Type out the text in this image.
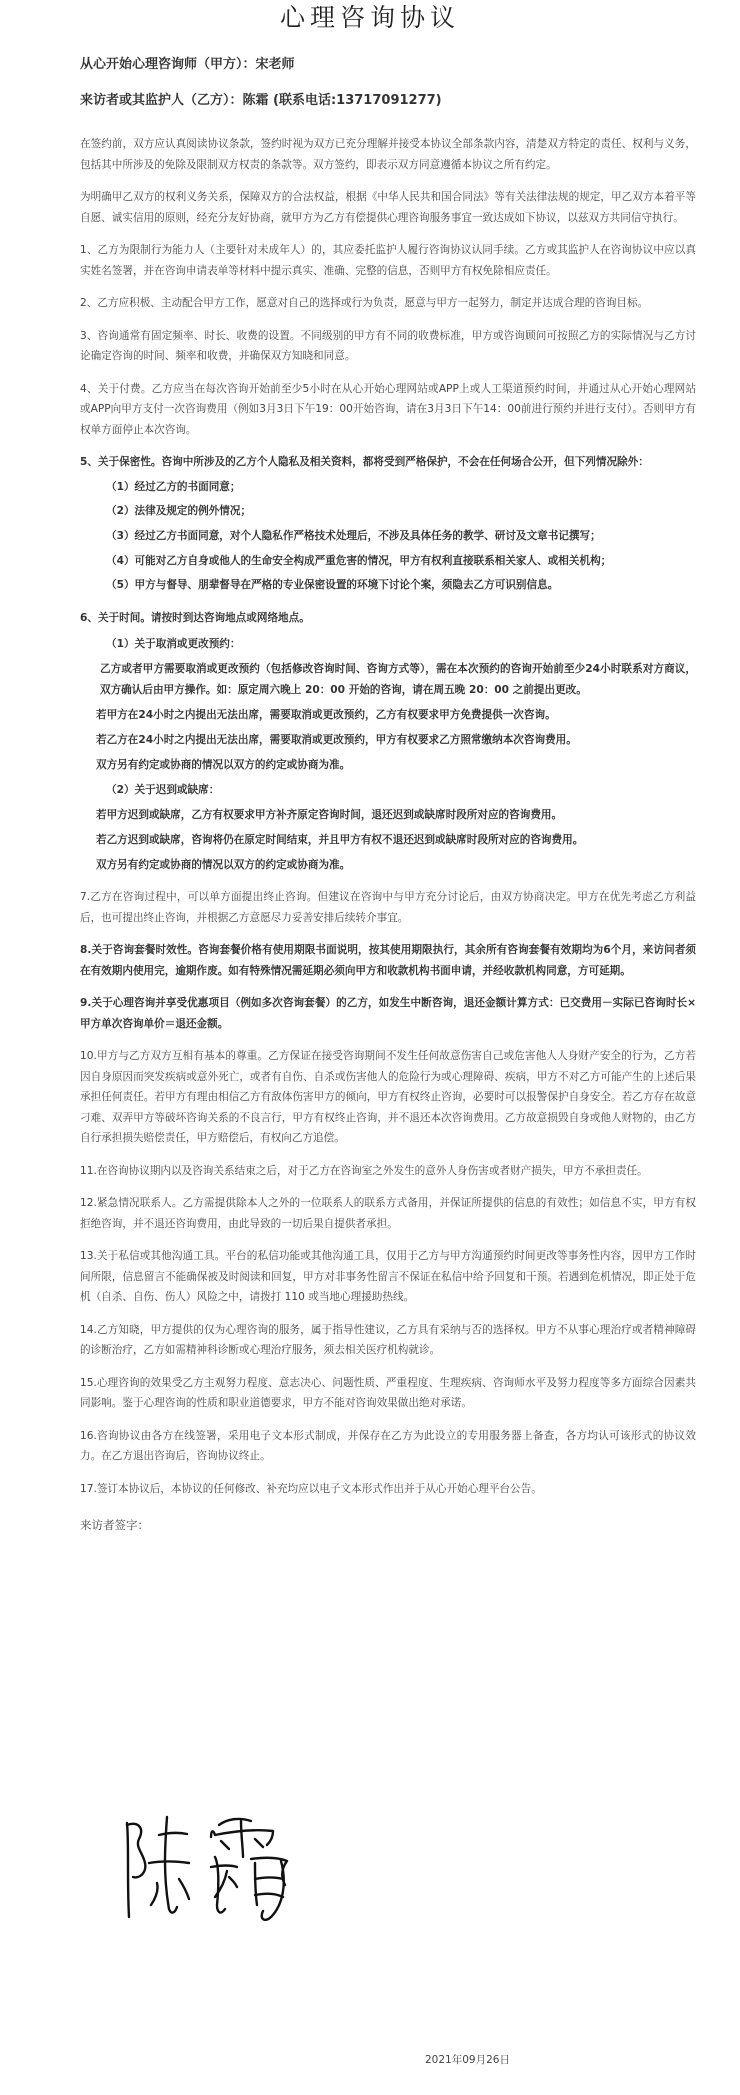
心理咨询协议
从心开始心理咨询师（甲方）：宋老师
来访者或其监护人（乙方）：陈霜 (联系电话:13717091277)
在签约前，双方应认真阅读协议条款，签约时视为双方已充分理解并接受本协议全部条款内容，清楚双方特定的责任、权利与义务，包括其中所涉及的免除及限制双方权责的条款等。双方签约，即表示双方同意遵循本协议之所有约定。
为明确甲乙双方的权利义务关系，保障双方的合法权益，根据《中华人民共和国合同法》等有关法律法规的规定，甲乙双方本着平等自愿、诚实信用的原则，经充分友好协商，就甲方为乙方有偿提供心理咨询服务事宜一致达成如下协议，以兹双方共同信守执行。
1、乙方为限制行为能力人（主要针对未成年人）的，其应委托监护人履行咨询协议认同手续。乙方或其监护人在咨询协议中应以真实姓名签署，并在咨询申请表单等材料中提示真实、准确、完整的信息，否则甲方有权免除相应责任。
2、乙方应积极、主动配合甲方工作，愿意对自己的选择或行为负责，愿意与甲方一起努力，制定并达成合理的咨询目标。
3、咨询通常有固定频率、时长、收费的设置。不同级别的甲方有不同的收费标准，甲方或咨询顾问可按照乙方的实际情况与乙方讨论确定咨询的时间、频率和收费，并确保双方知晓和同意。
4、关于付费。乙方应当在每次咨询开始前至少5小时在从心开始心理网站或APP上或人工渠道预约时间，并通过从心开始心理网站或APP向甲方支付一次咨询费用（例如3月3日下午19：00开始咨询，请在3月3日下午14：00前进行预约并进行支付）。否则甲方有权单方面停止本次咨询。
5、关于保密性。咨询中所涉及的乙方个人隐私及相关资料，都将受到严格保护，不会在任何场合公开，但下列情况除外：
（1）经过乙方的书面同意；
（2）法律及规定的例外情况；
（3）经过乙方书面同意，对个人隐私作严格技术处理后，不涉及具体任务的教学、研讨及文章书记撰写；
（4）可能对乙方自身或他人的生命安全构成严重危害的情况，甲方有权利直接联系相关家人、或相关机构；
（5）甲方与督导、朋辈督导在严格的专业保密设置的环境下讨论个案，须隐去乙方可识别信息。
6、关于时间。请按时到达咨询地点或网络地点。
（1）关于取消或更改预约：
乙方或者甲方需要取消或更改预约（包括修改咨询时间、咨询方式等），需在本次预约的咨询开始前至少24小时联系对方商议，双方确认后由甲方操作。如：原定周六晚上 20：00 开始的咨询，请在周五晚 20：00 之前提出更改。
若甲方在24小时之内提出无法出席，需要取消或更改预约，乙方有权要求甲方免费提供一次咨询。
若乙方在24小时之内提出无法出席，需要取消或更改预约，甲方有权要求乙方照常缴纳本次咨询费用。
双方另有约定或协商的情况以双方的约定或协商为准。
（2）关于迟到或缺席：
若甲方迟到或缺席，乙方有权要求甲方补齐原定咨询时间，退还迟到或缺席时段所对应的咨询费用。
若乙方迟到或缺席，咨询将仍在原定时间结束，并且甲方有权不退还迟到或缺席时段所对应的咨询费用。
双方另有约定或协商的情况以双方的约定或协商为准。
7.乙方在咨询过程中，可以单方面提出终止咨询。但建议在咨询中与甲方充分讨论后，由双方协商决定。甲方在优先考虑乙方利益后，也可提出终止咨询，并根据乙方意愿尽力妥善安排后续转介事宜。
8.关于咨询套餐时效性。咨询套餐价格有使用期限书面说明，按其使用期限执行，其余所有咨询套餐有效期均为6个月，来访问者须在有效期内使用完，逾期作废。如有特殊情况需延期必须向甲方和收款机构书面申请，并经收款机构同意，方可延期。
9.关于心理咨询并享受优惠项目（例如多次咨询套餐）的乙方，如发生中断咨询，退还金额计算方式：已交费用－实际已咨询时长×甲方单次咨询单价＝退还金额。
10.甲方与乙方双方互相有基本的尊重。乙方保证在接受咨询期间不发生任何故意伤害自己或危害他人人身财产安全的行为，乙方若因自身原因而突发疾病或意外死亡，或者有自伤、自杀或伤害他人的危险行为或心理障碍、疾病，甲方不对乙方可能产生的上述后果承担任何责任。若甲方有理由相信乙方有敌体伤害甲方的倾向，甲方有权终止咨询，必要时可以报警保护自身安全。若乙方存在故意刁难、双弄甲方等破坏咨询关系的不良言行，甲方有权终止咨询，并不退还本次咨询费用。乙方故意损毁自身或他人财物的，由乙方自行承担损失赔偿责任，甲方赔偿后，有权向乙方追偿。
11.在咨询协议期内以及咨询关系结束之后，对于乙方在咨询室之外发生的意外人身伤害或者财产损失，甲方不承担责任。
12.紧急情况联系人。乙方需提供除本人之外的一位联系人的联系方式备用，并保证所提供的信息的有效性；如信息不实，甲方有权拒绝咨询，并不退还咨询费用，由此导致的一切后果自提供者承担。
13.关于私信或其他沟通工具。平台的私信功能或其他沟通工具，仅用于乙方与甲方沟通预约时间更改等事务性内容，因甲方工作时间所限，信息留言不能确保被及时阅读和回复，甲方对非事务性留言不保证在私信中给予回复和干预。若遇到危机情况，即正处于危机（自杀、自伤、伤人）风险之中，请拨打 110 或当地心理援助热线。
14.乙方知晓，甲方提供的仅为心理咨询的服务，属于指导性建议，乙方具有采纳与否的选择权。甲方不从事心理治疗或者精神障碍的诊断治疗，乙方如需精神科诊断或心理治疗服务，须去相关医疗机构就诊。
15.心理咨询的效果受乙方主观努力程度、意志决心、问题性质、严重程度、生理疾病、咨询师水平及努力程度等多方面综合因素共同影响。鉴于心理咨询的性质和职业道德要求，甲方不能对咨询效果做出绝对承诺。
16.咨询协议由各方在线签署，采用电子文本形式制成，并保存在乙方为此设立的专用服务器上备查，各方均认可该形式的协议效力。在乙方退出咨询后，咨询协议终止。
17.签订本协议后，本协议的任何修改、补充均应以电子文本形式作出并于从心开始心理平台公告。
来访者签字：
2021年09月26日
